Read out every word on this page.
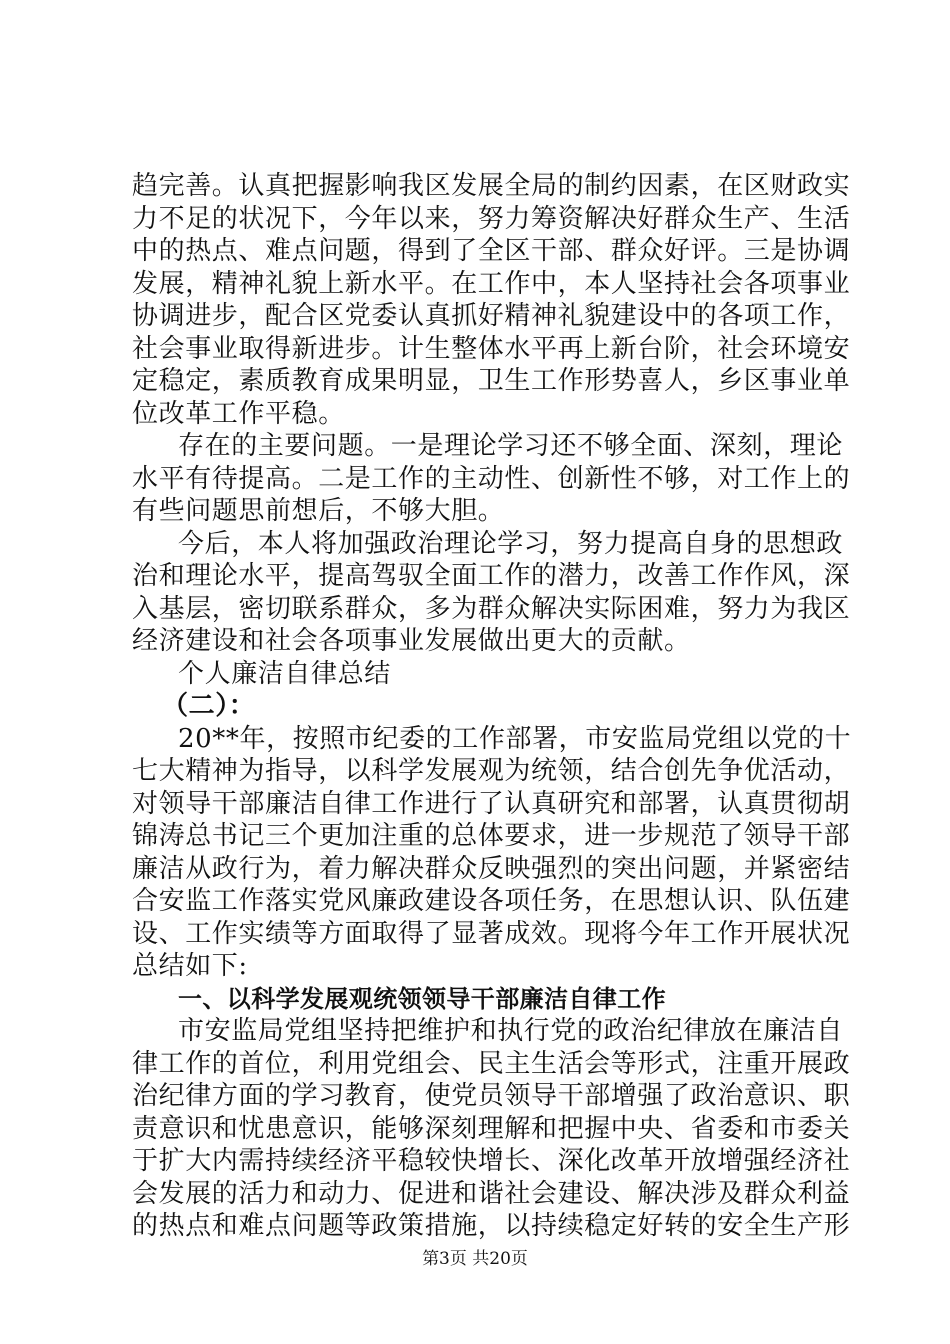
趋完善。认真把握影响我区发展全局的制约因素，在区财政实
力不足的状况下，今年以来，努力筹资解决好群众生产、生活
中的热点、难点问题，得到了全区干部、群众好评。三是协调
发展，精神礼貌上新水平。在工作中，本人坚持社会各项事业
协调进步，配合区党委认真抓好精神礼貌建设中的各项工作，
社会事业取得新进步。计生整体水平再上新台阶，社会环境安
定稳定，素质教育成果明显，卫生工作形势喜人，乡区事业单
位改革工作平稳。
存在的主要问题。一是理论学习还不够全面、深刻，理论
水平有待提高。二是工作的主动性、创新性不够，对工作上的
有些问题思前想后，不够大胆。
今后，本人将加强政治理论学习，努力提高自身的思想政
治和理论水平，提高驾驭全面工作的潜力，改善工作作风，深
入基层，密切联系群众，多为群众解决实际困难，努力为我区
经济建设和社会各项事业发展做出更大的贡献。
个人廉洁自律总结
（二）：
20**年，按照市纪委的工作部署，市安监局党组以党的十
七大精神为指导，以科学发展观为统领，结合创先争优活动，
对领导干部廉洁自律工作进行了认真研究和部署，认真贯彻胡
锦涛总书记三个更加注重的总体要求，进一步规范了领导干部
廉洁从政行为，着力解决群众反映强烈的突出问题，并紧密结
合安监工作落实党风廉政建设各项任务，在思想认识、队伍建
设、工作实绩等方面取得了显著成效。现将今年工作开展状况
总结如下:
一、以科学发展观统领领导干部廉洁自律工作
市安监局党组坚持把维护和执行党的政治纪律放在廉洁自
律工作的首位，利用党组会、民主生活会等形式，注重开展政
治纪律方面的学习教育，使党员领导干部增强了政治意识、职
责意识和忧患意识，能够深刻理解和把握中央、省委和市委关
于扩大内需持续经济平稳较快增长、深化改革开放增强经济社
会发展的活力和动力、促进和谐社会建设、解决涉及群众利益
的热点和难点问题等政策措施，以持续稳定好转的安全生产形
第3页 共20页
